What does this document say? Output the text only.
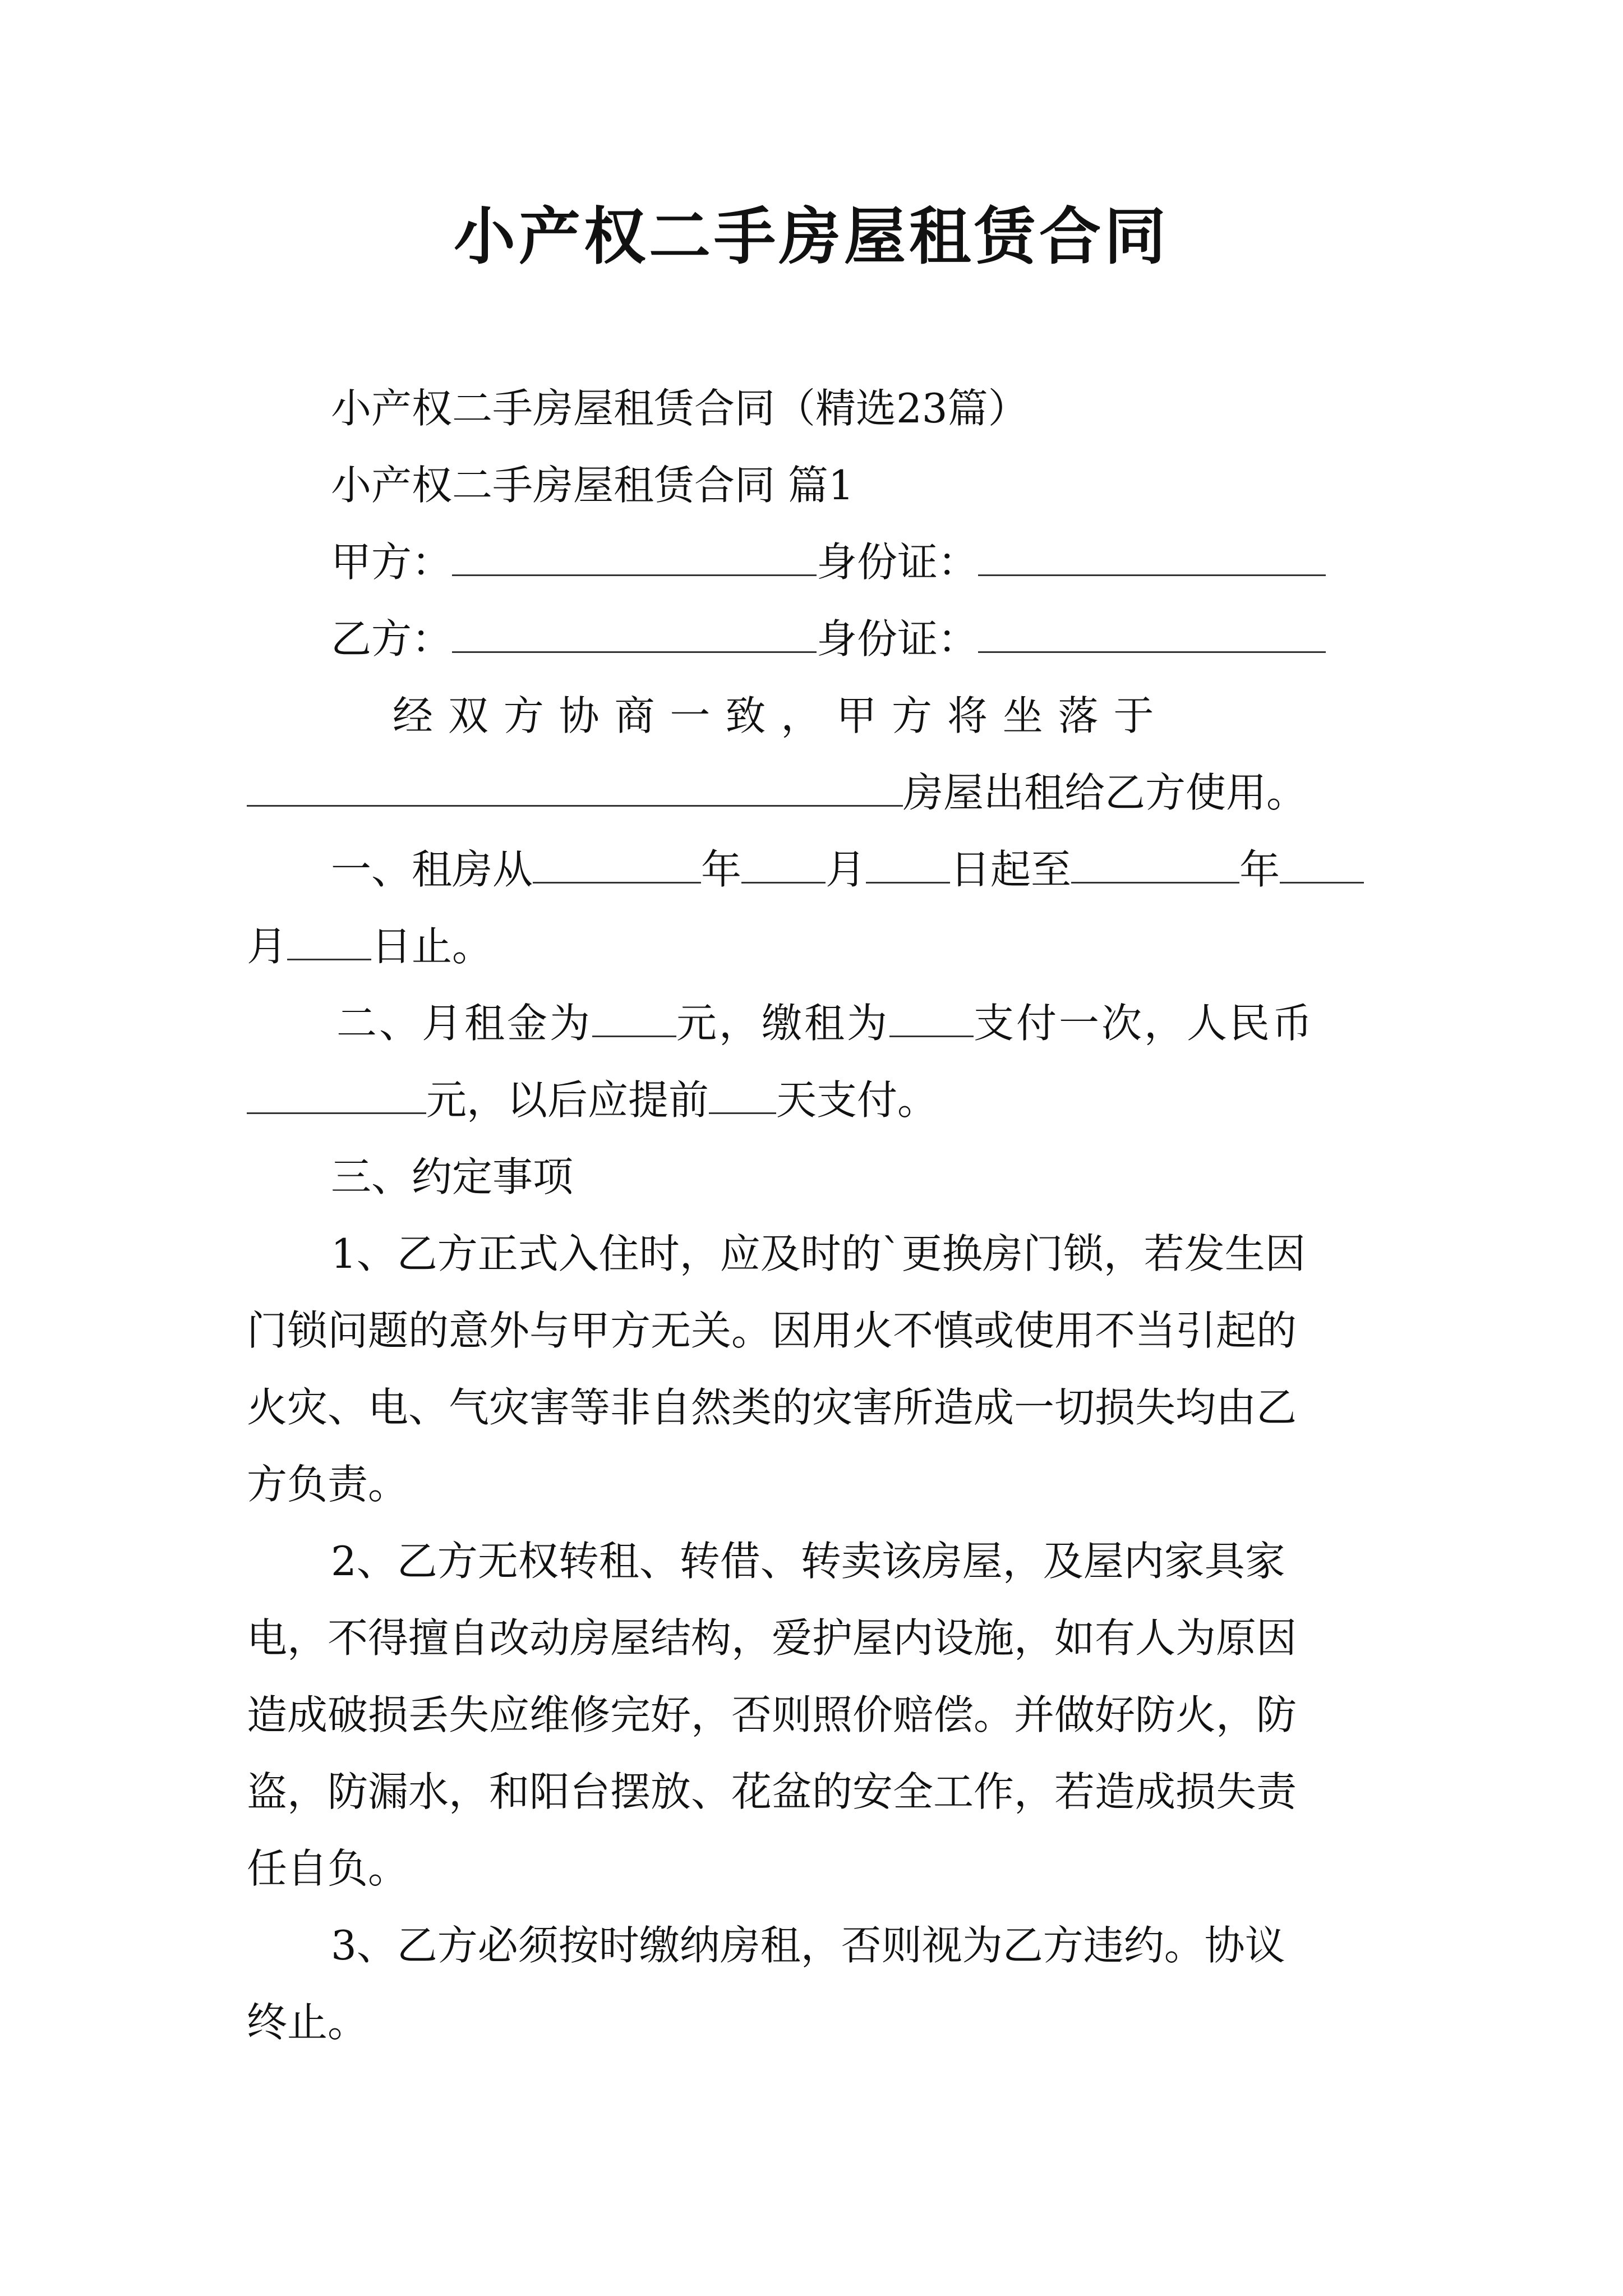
小产权二手房屋租赁合同
小产权二手房屋租赁合同（精选23篇）
小产权二手房屋租赁合同 篇1
甲方：	身份证：
乙方：	身份证：
经 双 方 协 商 一 致 ， 甲 方 将 坐 落 于
房屋出租给乙方使用。
一、租房从	年 月 日起至	年
月 日止。
二、月租金为 元，缴租为 支付一次，人民币
元，以后应提前 天支付。
三、约定事项
1、乙方正式入住时，应及时的`更换房门锁，若发生因
门锁问题的意外与甲方无关。因用火不慎或使用不当引起的
火灾、电、气灾害等非自然类的灾害所造成一切损失均由乙
方负责。
2、乙方无权转租、转借、转卖该房屋，及屋内家具家
电，不得擅自改动房屋结构，爱护屋内设施，如有人为原因
造成破损丢失应维修完好，否则照价赔偿。并做好防火，防
盗，防漏水，和阳台摆放、花盆的安全工作，若造成损失责
任自负。
3、乙方必须按时缴纳房租，否则视为乙方违约。协议
终止。
